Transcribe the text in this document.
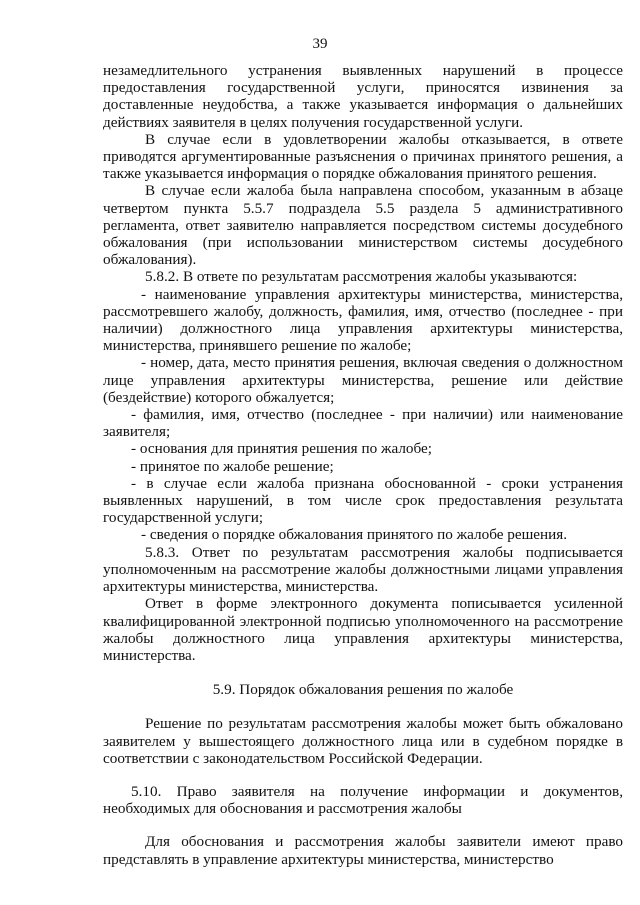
39

незамедлительного устранения выявленных нарушений в процессе предоставления государственной услуги, приносятся извинения за доставленные неудобства, а также указывается информация о дальнейших действиях заявителя в целях получения государственной услуги.

В случае если в удовлетворении жалобы отказывается, в ответе приводятся аргументированные разъяснения о причинах принятого решения, а также указывается информация о порядке обжалования принятого решения.

В случае если жалоба была направлена способом, указанным в абзаце четвертом пункта 5.5.7 подраздела 5.5 раздела 5 административного регламента, ответ заявителю направляется посредством системы досудебного обжалования (при использовании министерством системы досудебного обжалования).

5.8.2. В ответе по результатам рассмотрения жалобы указываются:

- наименование управления архитектуры министерства, министерства, рассмотревшего жалобу, должность, фамилия, имя, отчество (последнее - при наличии) должностного лица управления архитектуры министерства, министерства, принявшего решение по жалобе;

- номер, дата, место принятия решения, включая сведения о должностном лице управления архитектуры министерства, решение или действие (бездействие) которого обжалуется;

- фамилия, имя, отчество (последнее - при наличии) или наименование заявителя;

- основания для принятия решения по жалобе;

- принятое по жалобе решение;

- в случае если жалоба признана обоснованной - сроки устранения выявленных нарушений, в том числе срок предоставления результата государственной услуги;

- сведения о порядке обжалования принятого по жалобе решения.

5.8.3. Ответ по результатам рассмотрения жалобы подписывается уполномоченным на рассмотрение жалобы должностными лицами управления архитектуры министерства, министерства.

Ответ в форме электронного документа пописывается усиленной квалифицированной электронной подписью уполномоченного на рассмотрение жалобы должностного лица управления архитектуры министерства, министерства.

5.9. Порядок обжалования решения по жалобе

Решение по результатам рассмотрения жалобы может быть обжаловано заявителем у вышестоящего должностного лица или в судебном порядке в соответствии с законодательством Российской Федерации.

5.10. Право заявителя на получение информации и документов, необходимых для обоснования и рассмотрения жалобы

Для обоснования и рассмотрения жалобы заявители имеют право представлять в управление архитектуры министерства, министерство
